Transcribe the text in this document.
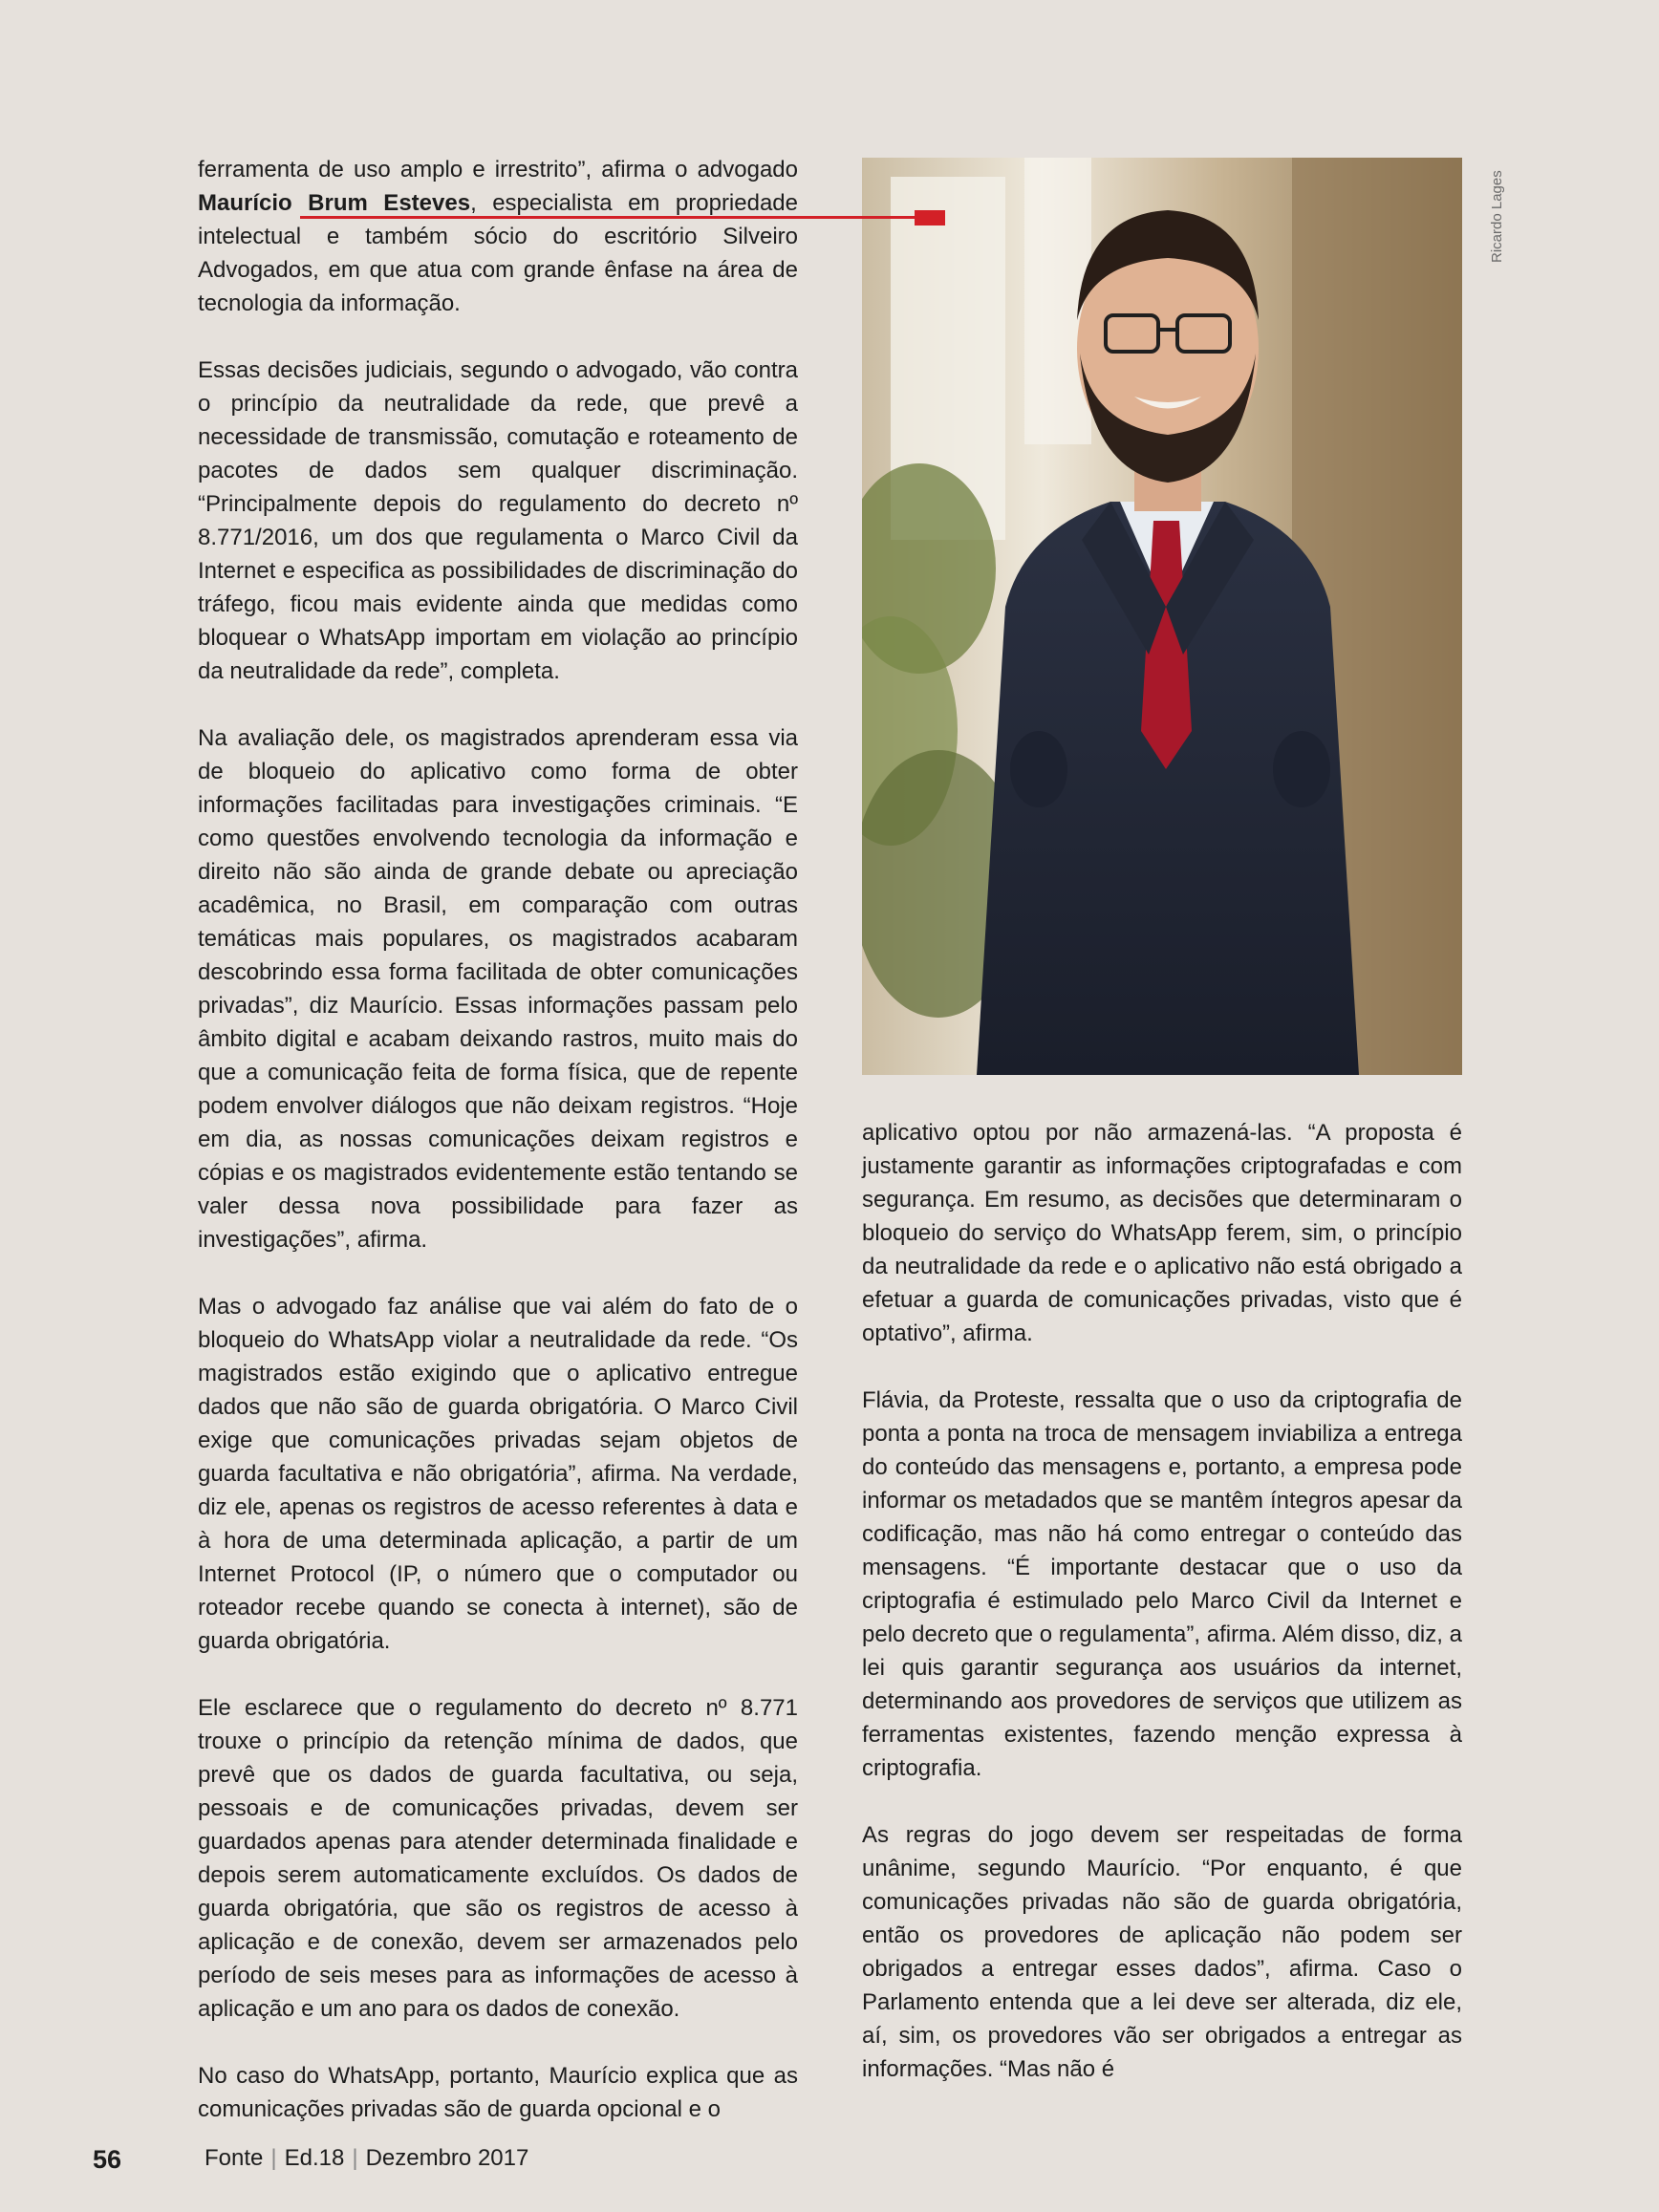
ferramenta de uso amplo e irrestrito”, afirma o advogado Maurício Brum Esteves, especialista em propriedade intelectual e também sócio do escritório Silveiro Advogados, em que atua com grande ênfase na área de tecnologia da informação.

Essas decisões judiciais, segundo o advogado, vão contra o princípio da neutralidade da rede, que prevê a necessidade de transmissão, comutação e roteamento de pacotes de dados sem qualquer discriminação. “Principalmente depois do regulamento do decreto nº 8.771/2016, um dos que regulamenta o Marco Civil da Internet e especifica as possibilidades de discriminação do tráfego, ficou mais evidente ainda que medidas como bloquear o WhatsApp importam em violação ao princípio da neutralidade da rede”, completa.

Na avaliação dele, os magistrados aprenderam essa via de bloqueio do aplicativo como forma de obter informações facilitadas para investigações criminais. “E como questões envolvendo tecnologia da informação e direito não são ainda de grande debate ou apreciação acadêmica, no Brasil, em comparação com outras temáticas mais populares, os magistrados acabaram descobrindo essa forma facilitada de obter comunicações privadas”, diz Maurício. Essas informações passam pelo âmbito digital e acabam deixando rastros, muito mais do que a comunicação feita de forma física, que de repente podem envolver diálogos que não deixam registros. “Hoje em dia, as nossas comunicações deixam registros e cópias e os magistrados evidentemente estão tentando se valer dessa nova possibilidade para fazer as investigações”, afirma.

Mas o advogado faz análise que vai além do fato de o bloqueio do WhatsApp violar a neutralidade da rede. “Os magistrados estão exigindo que o aplicativo entregue dados que não são de guarda obrigatória. O Marco Civil exige que comunicações privadas sejam objetos de guarda facultativa e não obrigatória”, afirma. Na verdade, diz ele, apenas os registros de acesso referentes à data e à hora de uma determinada aplicação, a partir de um Internet Protocol (IP, o número que o computador ou roteador recebe quando se conecta à internet), são de guarda obrigatória.

Ele esclarece que o regulamento do decreto nº 8.771 trouxe o princípio da retenção mínima de dados, que prevê que os dados de guarda facultativa, ou seja, pessoais e de comunicações privadas, devem ser guardados apenas para atender determinada finalidade e depois serem automaticamente excluídos. Os dados de guarda obrigatória, que são os registros de acesso à aplicação e de conexão, devem ser armazenados pelo período de seis meses para as informações de acesso à aplicação e um ano para os dados de conexão.

No caso do WhatsApp, portanto, Maurício explica que as comunicações privadas são de guarda opcional e o

Ricardo Lages

aplicativo optou por não armazená-las. “A proposta é justamente garantir as informações criptografadas e com segurança. Em resumo, as decisões que determinaram o bloqueio do serviço do WhatsApp ferem, sim, o princípio da neutralidade da rede e o aplicativo não está obrigado a efetuar a guarda de comunicações privadas, visto que é optativo”, afirma.

Flávia, da Proteste, ressalta que o uso da criptografia de ponta a ponta na troca de mensagem inviabiliza a entrega do conteúdo das mensagens e, portanto, a empresa pode informar os metadados que se mantêm íntegros apesar da codificação, mas não há como entregar o conteúdo das mensagens. “É importante destacar que o uso da criptografia é estimulado pelo Marco Civil da Internet e pelo decreto que o regulamenta”, afirma. Além disso, diz, a lei quis garantir segurança aos usuários da internet, determinando aos provedores de serviços que utilizem as ferramentas existentes, fazendo menção expressa à criptografia.

As regras do jogo devem ser respeitadas de forma unânime, segundo Maurício. “Por enquanto, é que comunicações privadas não são de guarda obrigatória, então os provedores de aplicação não podem ser obrigados a entregar esses dados”, afirma. Caso o Parlamento entenda que a lei deve ser alterada, diz ele, aí, sim, os provedores vão ser obrigados a entregar as informações. “Mas não é

56	Fonte | Ed.18 | Dezembro 2017
